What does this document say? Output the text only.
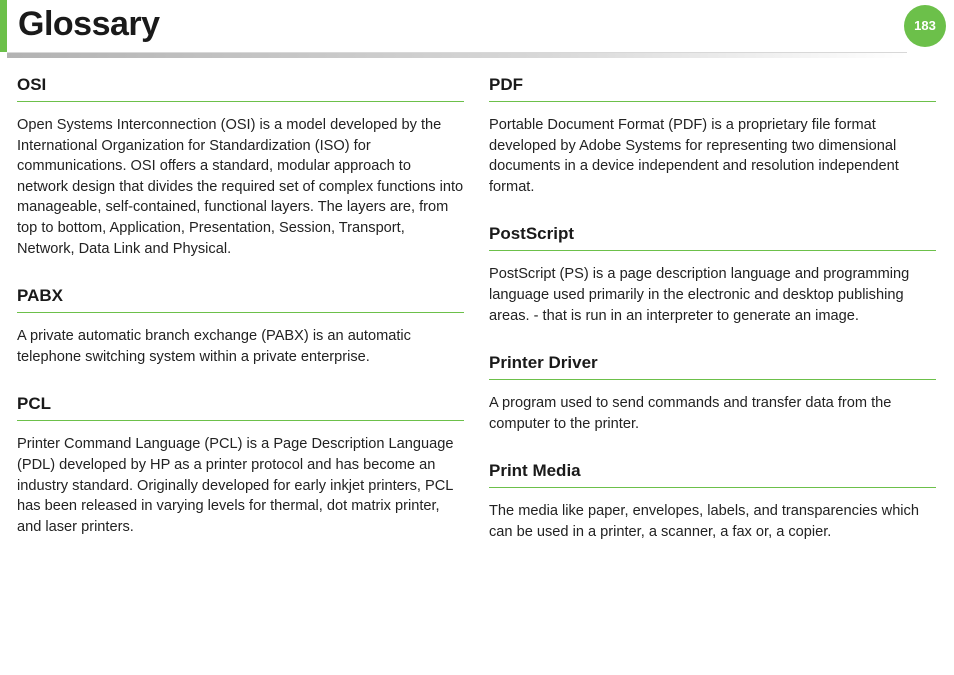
Glossary	183
OSI

Open Systems Interconnection (OSI) is a model developed by the International Organization for Standardization (ISO) for communications. OSI offers a standard, modular approach to network design that divides the required set of complex functions into manageable, self-contained, functional layers. The layers are, from top to bottom, Application, Presentation, Session, Transport, Network, Data Link and Physical.

PABX

A private automatic branch exchange (PABX) is an automatic telephone switching system within a private enterprise.

PCL

Printer Command Language (PCL) is a Page Description Language (PDL) developed by HP as a printer protocol and has become an industry standard. Originally developed for early inkjet printers, PCL has been released in varying levels for thermal, dot matrix printer, and laser printers.

PDF

Portable Document Format (PDF) is a proprietary file format developed by Adobe Systems for representing two dimensional documents in a device independent and resolution independent format.

PostScript

PostScript (PS) is a page description language and programming language used primarily in the electronic and desktop publishing areas. - that is run in an interpreter to generate an image.

Printer Driver

A program used to send commands and transfer data from the computer to the printer.

Print Media

The media like paper, envelopes, labels, and transparencies which can be used in a printer, a scanner, a fax or, a copier.
